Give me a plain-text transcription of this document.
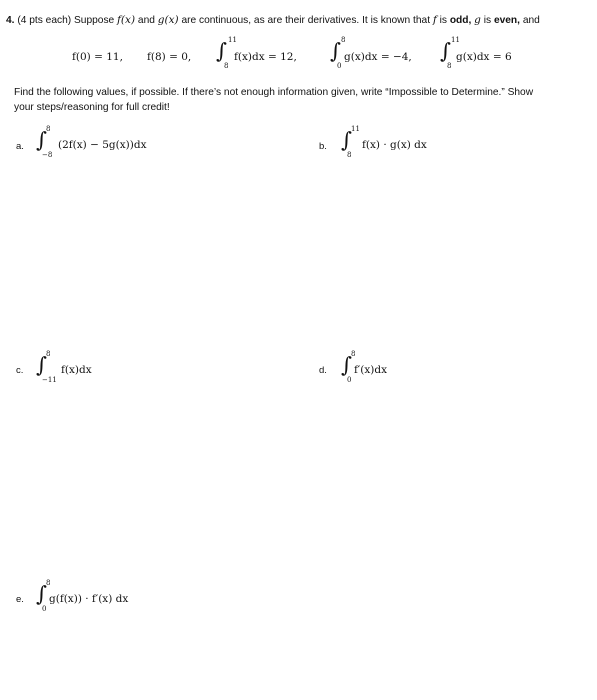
4. (4 pts each) Suppose f(x) and g(x) are continuous, as are their derivatives. It is known that f is odd, g is even, and
f(0) = 11, f(8) = 0, ∫ 11
8
f(x)dx = 12, ∫ 8
0
g(x)dx = −4, ∫ 11
8
g(x)dx = 6
Find the following values, if possible. If there’s not enough information given, write “Impossible to Determine.” Show
your steps/reasoning for full credit!
a. ∫ 8
−8
(2f(x) − 5g(x))dx	b. ∫ 11
8
f(x) · g(x) dx
c. ∫ 8
−11
f(x)dx	d. ∫ 8
0
f′(x)dx
e. ∫ 8
0
g(f(x)) · f′(x) dx
